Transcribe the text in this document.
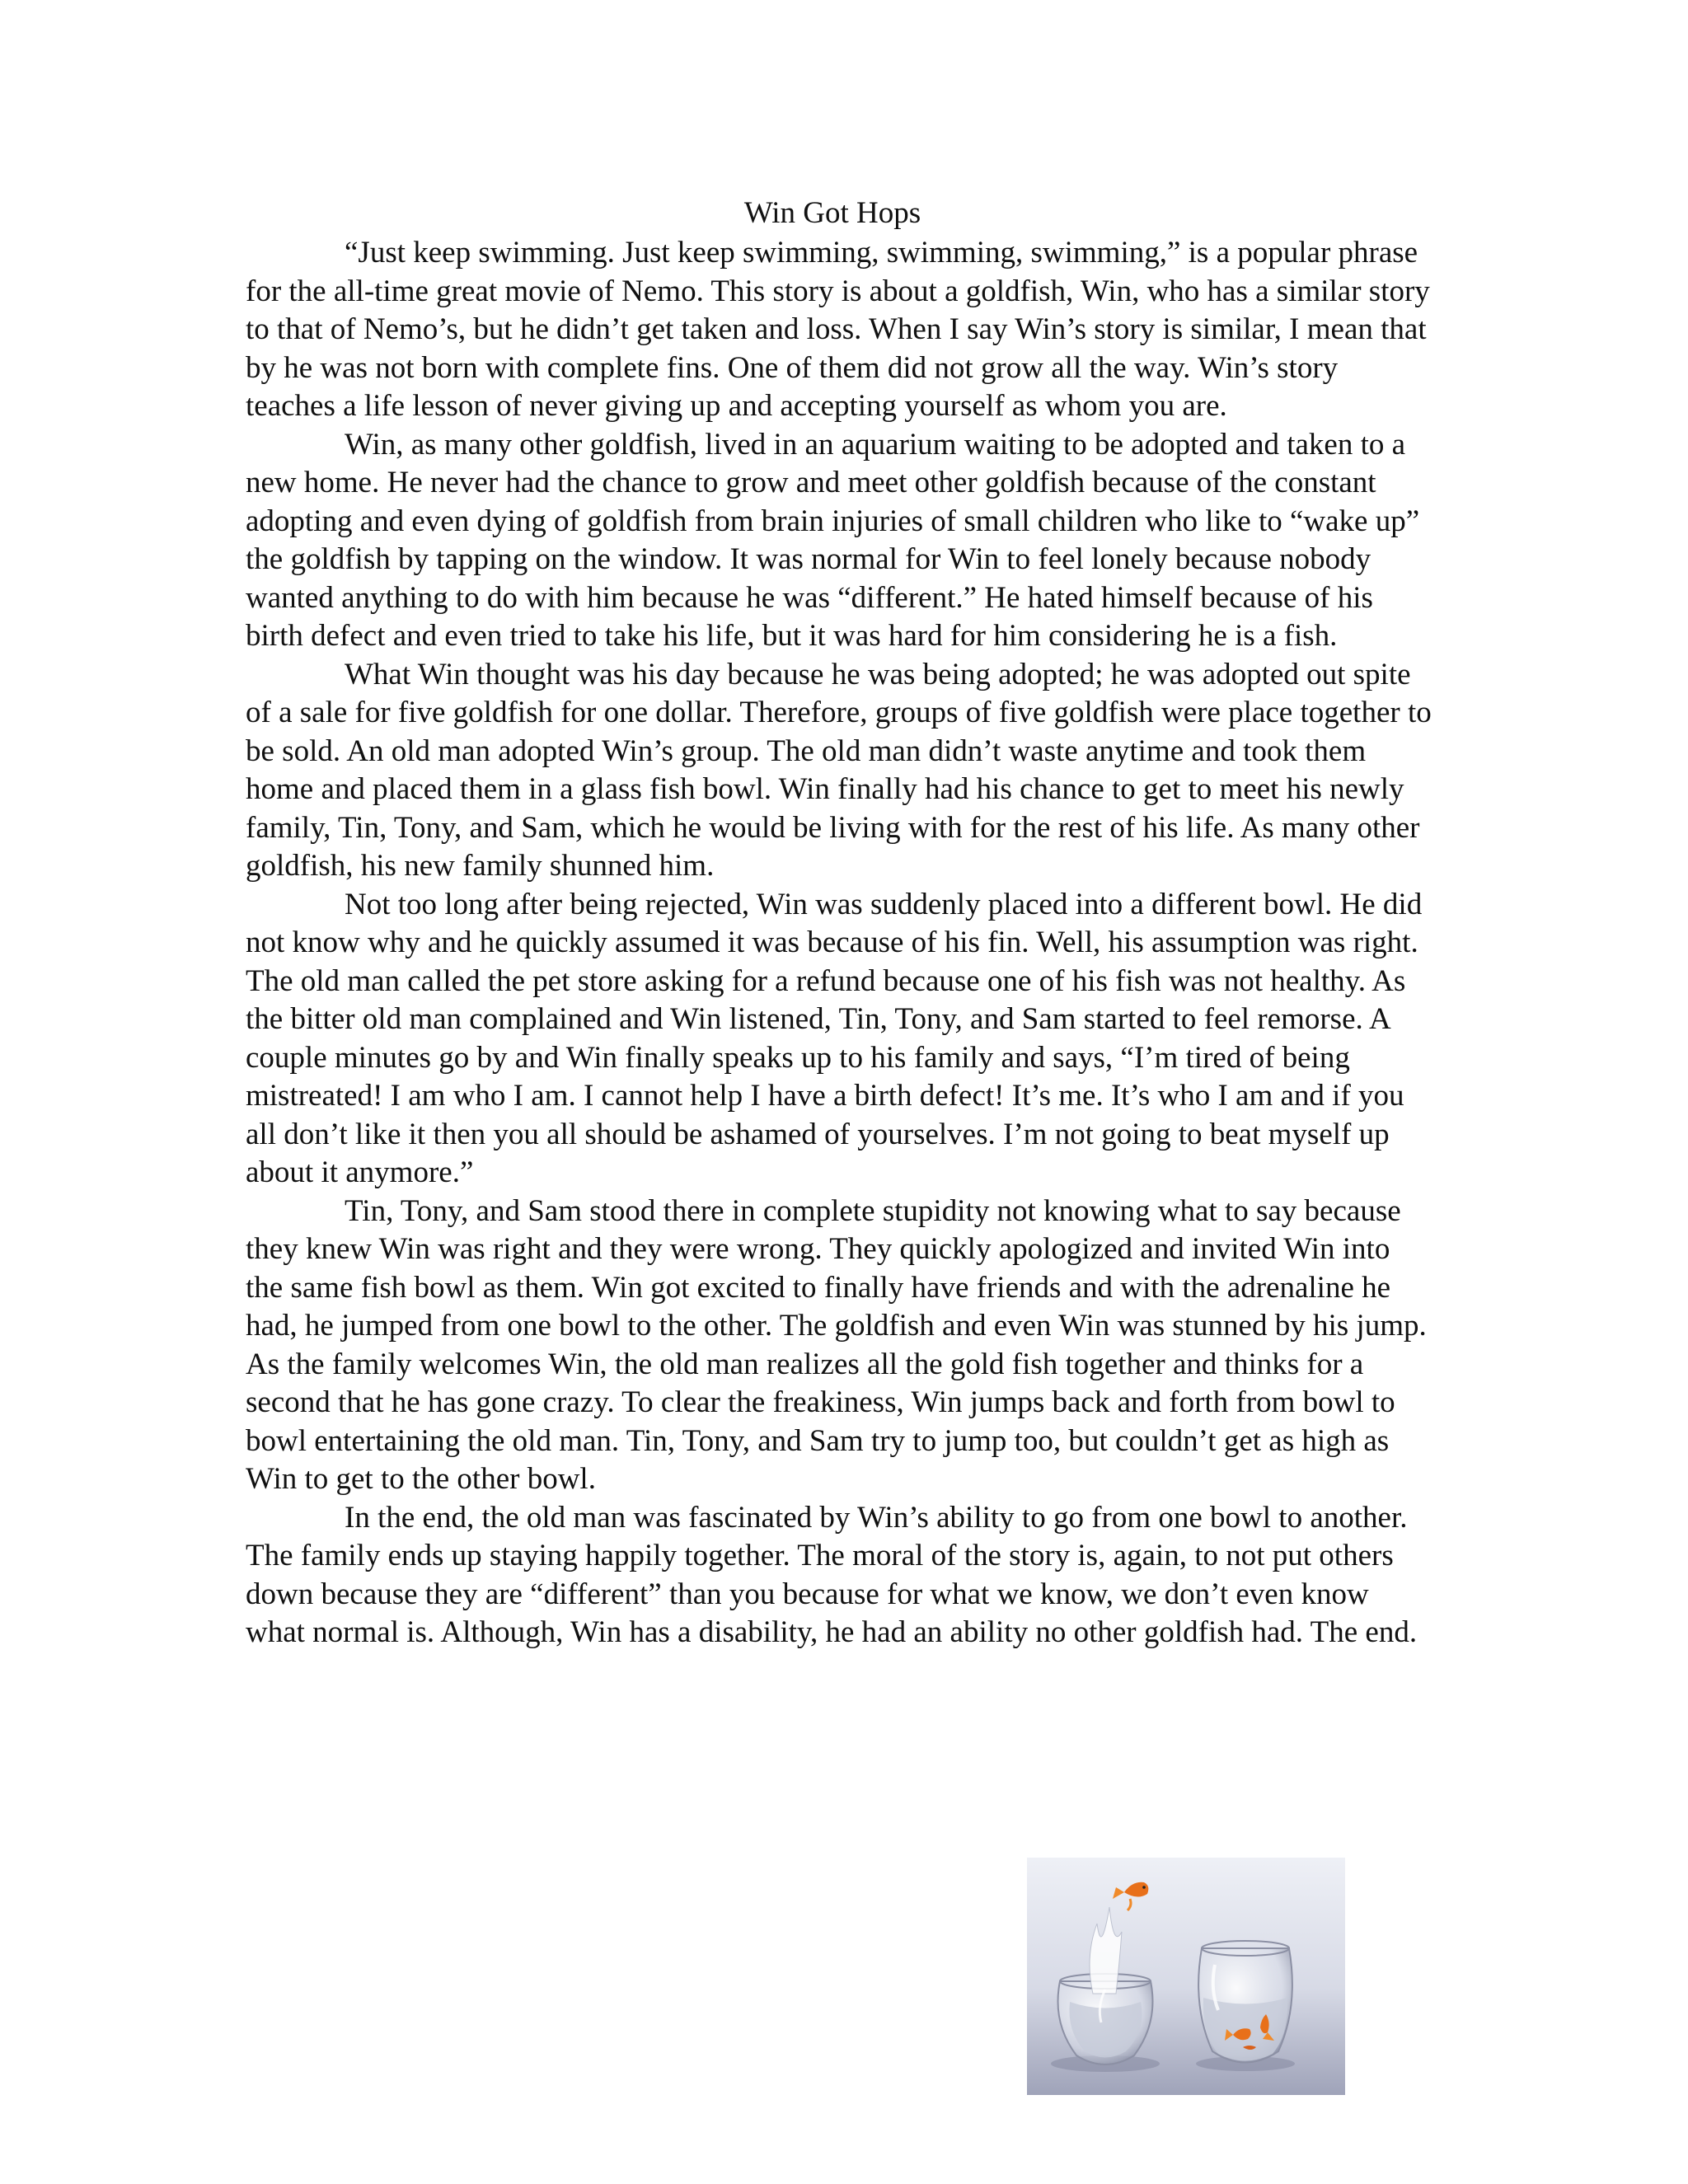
Win Got Hops

“Just keep swimming. Just keep swimming, swimming, swimming,” is a popular phrase for the all-time great movie of Nemo. This story is about a goldfish, Win, who has a similar story to that of Nemo’s, but he didn’t get taken and loss. When I say Win’s story is similar, I mean that by he was not born with complete fins. One of them did not grow all the way. Win’s story teaches a life lesson of never giving up and accepting yourself as whom you are.

Win, as many other goldfish, lived in an aquarium waiting to be adopted and taken to a new home. He never had the chance to grow and meet other goldfish because of the constant adopting and even dying of goldfish from brain injuries of small children who like to “wake up” the goldfish by tapping on the window. It was normal for Win to feel lonely because nobody wanted anything to do with him because he was “different.” He hated himself because of his birth defect and even tried to take his life, but it was hard for him considering he is a fish.

What Win thought was his day because he was being adopted; he was adopted out spite of a sale for five goldfish for one dollar. Therefore, groups of five goldfish were place together to be sold. An old man adopted Win’s group. The old man didn’t waste anytime and took them home and placed them in a glass fish bowl. Win finally had his chance to get to meet his newly family, Tin, Tony, and Sam, which he would be living with for the rest of his life. As many other goldfish, his new family shunned him.

Not too long after being rejected, Win was suddenly placed into a different bowl. He did not know why and he quickly assumed it was because of his fin. Well, his assumption was right. The old man called the pet store asking for a refund because one of his fish was not healthy. As the bitter old man complained and Win listened, Tin, Tony, and Sam started to feel remorse. A couple minutes go by and Win finally speaks up to his family and says, “I’m tired of being mistreated! I am who I am. I cannot help I have a birth defect! It’s me. It’s who I am and if you all don’t like it then you all should be ashamed of yourselves. I’m not going to beat myself up about it anymore.”

Tin, Tony, and Sam stood there in complete stupidity not knowing what to say because they knew Win was right and they were wrong. They quickly apologized and invited Win into the same fish bowl as them. Win got excited to finally have friends and with the adrenaline he had, he jumped from one bowl to the other. The goldfish and even Win was stunned by his jump. As the family welcomes Win, the old man realizes all the gold fish together and thinks for a second that he has gone crazy. To clear the freakiness, Win jumps back and forth from bowl to bowl entertaining the old man. Tin, Tony, and Sam try to jump too, but couldn’t get as high as Win to get to the other bowl.

In the end, the old man was fascinated by Win’s ability to go from one bowl to another. The family ends up staying happily together. The moral of the story is, again, to not put others down because they are “different” than you because for what we know, we don’t even know what normal is. Although, Win has a disability, he had an ability no other goldfish had. The end.
